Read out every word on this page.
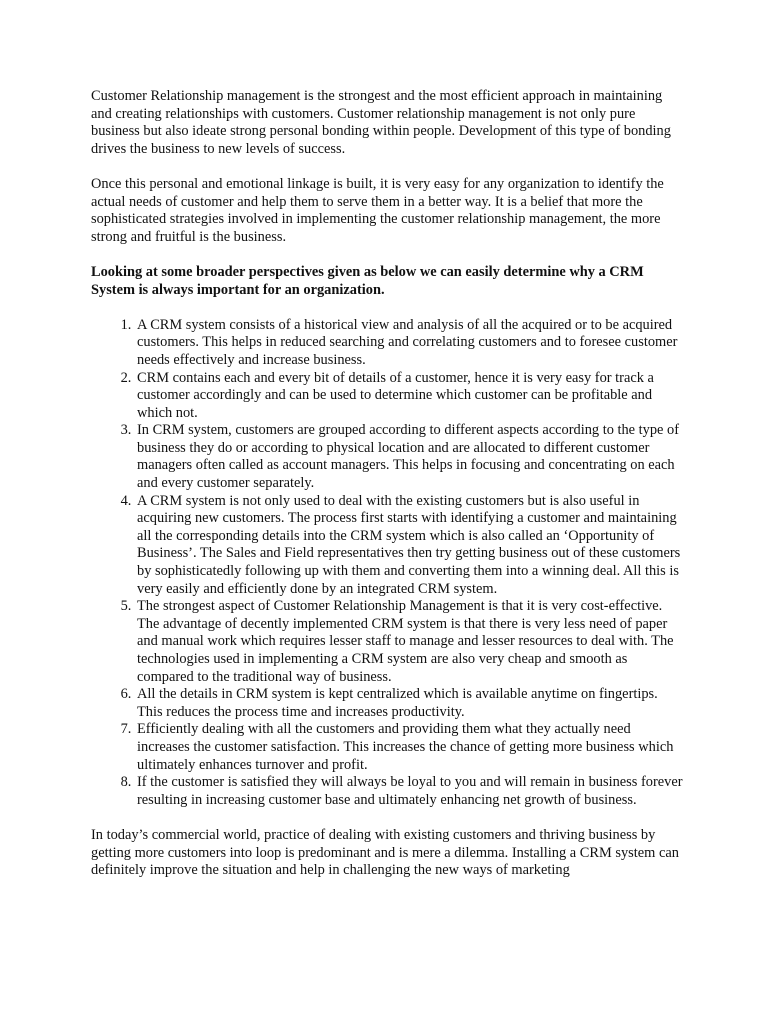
Customer Relationship management is the strongest and the most efficient approach in maintaining and creating relationships with customers. Customer relationship management is not only pure business but also ideate strong personal bonding within people. Development of this type of bonding drives the business to new levels of success.

Once this personal and emotional linkage is built, it is very easy for any organization to identify the actual needs of customer and help them to serve them in a better way. It is a belief that more the sophisticated strategies involved in implementing the customer relationship management, the more strong and fruitful is the business.

Looking at some broader perspectives given as below we can easily determine why a CRM System is always important for an organization.

1. A CRM system consists of a historical view and analysis of all the acquired or to be acquired customers. This helps in reduced searching and correlating customers and to foresee customer needs effectively and increase business.
2. CRM contains each and every bit of details of a customer, hence it is very easy for track a customer accordingly and can be used to determine which customer can be profitable and which not.
3. In CRM system, customers are grouped according to different aspects according to the type of business they do or according to physical location and are allocated to different customer managers often called as account managers. This helps in focusing and concentrating on each and every customer separately.
4. A CRM system is not only used to deal with the existing customers but is also useful in acquiring new customers. The process first starts with identifying a customer and maintaining all the corresponding details into the CRM system which is also called an ‘Opportunity of Business’. The Sales and Field representatives then try getting business out of these customers by sophisticatedly following up with them and converting them into a winning deal. All this is very easily and efficiently done by an integrated CRM system.
5. The strongest aspect of Customer Relationship Management is that it is very cost-effective. The advantage of decently implemented CRM system is that there is very less need of paper and manual work which requires lesser staff to manage and lesser resources to deal with. The technologies used in implementing a CRM system are also very cheap and smooth as compared to the traditional way of business.
6. All the details in CRM system is kept centralized which is available anytime on fingertips. This reduces the process time and increases productivity.
7. Efficiently dealing with all the customers and providing them what they actually need increases the customer satisfaction. This increases the chance of getting more business which ultimately enhances turnover and profit.
8. If the customer is satisfied they will always be loyal to you and will remain in business forever resulting in increasing customer base and ultimately enhancing net growth of business.

In today’s commercial world, practice of dealing with existing customers and thriving business by getting more customers into loop is predominant and is mere a dilemma. Installing a CRM system can definitely improve the situation and help in challenging the new ways of marketing
